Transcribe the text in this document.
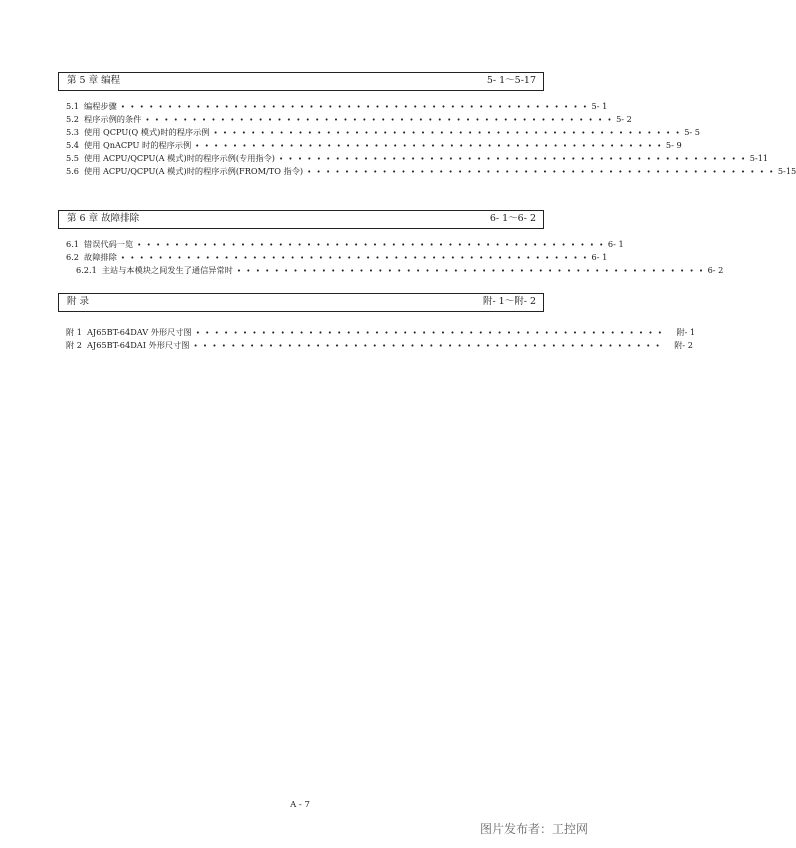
第 5 章 编程	5- 1～5-17
5.1 编程步骤 • • • • • • • • • • • • • • • • • • • • • • • • • • • • • • • • • • • • • • • • • • • • • • • • • • 5- 1
5.2 程序示例的条件 • • • • • • • • • • • • • • • • • • • • • • • • • • • • • • • • • • • • • • • • • • • • • • • • • • 5- 2
5.3 使用 QCPU(Q 模式)时的程序示例 • • • • • • • • • • • • • • • • • • • • • • • • • • • • • • • • • • • • • • • • • • • • • • • • • • 5- 5
5.4 使用 QnACPU 时的程序示例 • • • • • • • • • • • • • • • • • • • • • • • • • • • • • • • • • • • • • • • • • • • • • • • • • • 5- 9
5.5 使用 ACPU/QCPU(A 模式)时的程序示例(专用指令) • • • • • • • • • • • • • • • • • • • • • • • • • • • • • • • • • • • • • • • • • • • • • • • • • • 5-11
5.6 使用 ACPU/QCPU(A 模式)时的程序示例(FROM/TO 指令) • • • • • • • • • • • • • • • • • • • • • • • • • • • • • • • • • • • • • • • • • • • • • • • • • • 5-15
第 6 章 故障排除	6- 1～6- 2
6.1 错误代码一览 • • • • • • • • • • • • • • • • • • • • • • • • • • • • • • • • • • • • • • • • • • • • • • • • • • 6- 1
6.2 故障排除 • • • • • • • • • • • • • • • • • • • • • • • • • • • • • • • • • • • • • • • • • • • • • • • • • • 6- 1
6.2.1 主站与本模块之间发生了通信异常时 • • • • • • • • • • • • • • • • • • • • • • • • • • • • • • • • • • • • • • • • • • • • • • • • • • 6- 2
附 录	附- 1～附- 2
附 1 AJ65BT-64DAV 外形尺寸图 • • • • • • • • • • • • • • • • • • • • • • • • • • • • • • • • • • • • • • • • • • • • • • • • • • 附- 1
附 2 AJ65BT-64DAI 外形尺寸图 • • • • • • • • • • • • • • • • • • • • • • • • • • • • • • • • • • • • • • • • • • • • • • • • • • 附- 2
A - 7
图片发布者：工控网
